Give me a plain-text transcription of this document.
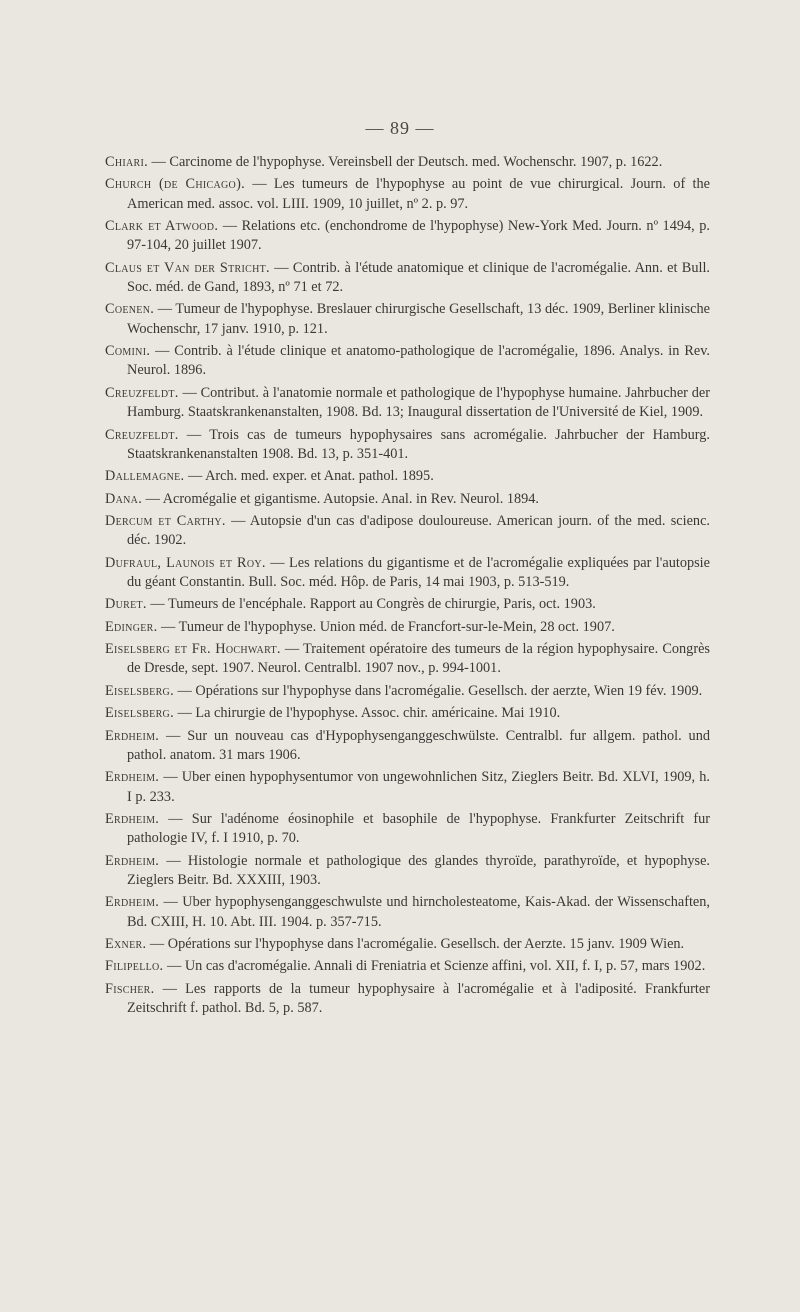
— 89 —

Chiari. — Carcinome de l'hypophyse. Vereinsbell der Deutsch. med. Wochenschr. 1907, p. 1622.

Church (de Chicago). — Les tumeurs de l'hypophyse au point de vue chirurgical. Journ. of the American med. assoc. vol. LIII. 1909, 10 juillet, nº 2. p. 97.

Clark et Atwood. — Relations etc. (enchondrome de l'hypophyse) New-York Med. Journ. nº 1494, p. 97-104, 20 juillet 1907.

Claus et Van der Stricht. — Contrib. à l'étude anatomique et clinique de l'acromégalie. Ann. et Bull. Soc. méd. de Gand, 1893, nº 71 et 72.

Coenen. — Tumeur de l'hypophyse. Breslauer chirurgische Gesellschaft, 13 déc. 1909, Berliner klinische Wochenschr, 17 janv. 1910, p. 121.

Comini. — Contrib. à l'étude clinique et anatomo-pathologique de l'acromégalie, 1896. Analys. in Rev. Neurol. 1896.

Creuzfeldt. — Contribut. à l'anatomie normale et pathologique de l'hypophyse humaine. Jahrbucher der Hamburg. Staatskrankenanstalten, 1908. Bd. 13; Inaugural dissertation de l'Université de Kiel, 1909.

Creuzfeldt. — Trois cas de tumeurs hypophysaires sans acromégalie. Jahrbucher der Hamburg. Staatskrankenanstalten 1908. Bd. 13, p. 351-401.

Dallemagne. — Arch. med. exper. et Anat. pathol. 1895.

Dana. — Acromégalie et gigantisme. Autopsie. Anal. in Rev. Neurol. 1894.

Dercum et Carthy. — Autopsie d'un cas d'adipose douloureuse. American journ. of the med. scienc. déc. 1902.

Dufraul, Launois et Roy. — Les relations du gigantisme et de l'acromégalie expliquées par l'autopsie du géant Constantin. Bull. Soc. méd. Hôp. de Paris, 14 mai 1903, p. 513-519.

Duret. — Tumeurs de l'encéphale. Rapport au Congrès de chirurgie, Paris, oct. 1903.

Edinger. — Tumeur de l'hypophyse. Union méd. de Francfort-sur-le-Mein, 28 oct. 1907.

Eiselsberg et Fr. Hochwart. — Traitement opératoire des tumeurs de la région hypophysaire. Congrès de Dresde, sept. 1907. Neurol. Centralbl. 1907 nov., p. 994-1001.

Eiselsberg. — Opérations sur l'hypophyse dans l'acromégalie. Gesellsch. der aerzte, Wien 19 fév. 1909.

Eiselsberg. — La chirurgie de l'hypophyse. Assoc. chir. américaine. Mai 1910.

Erdheim. — Sur un nouveau cas d'Hypophysenganggeschwülste. Centralbl. fur allgem. pathol. und pathol. anatom. 31 mars 1906.

Erdheim. — Uber einen hypophysentumor von ungewohnlichen Sitz, Zieglers Beitr. Bd. XLVI, 1909, h. I p. 233.

Erdheim. — Sur l'adénome éosinophile et basophile de l'hypophyse. Frankfurter Zeitschrift fur pathologie IV, f. I 1910, p. 70.

Erdheim. — Histologie normale et pathologique des glandes thyroïde, parathyroïde, et hypophyse. Zieglers Beitr. Bd. XXXIII, 1903.

Erdheim. — Uber hypophysenganggeschwulste und hirncholesteatome, Kais-Akad. der Wissenschaften, Bd. CXIII, H. 10. Abt. III. 1904. p. 357-715.

Exner. — Opérations sur l'hypophyse dans l'acromégalie. Gesellsch. der Aerzte. 15 janv. 1909 Wien.

Filipello. — Un cas d'acromégalie. Annali di Freniatria et Scienze affini, vol. XII, f. I, p. 57, mars 1902.

Fischer. — Les rapports de la tumeur hypophysaire à l'acromégalie et à l'adiposité. Frankfurter Zeitschrift f. pathol. Bd. 5, p. 587.
